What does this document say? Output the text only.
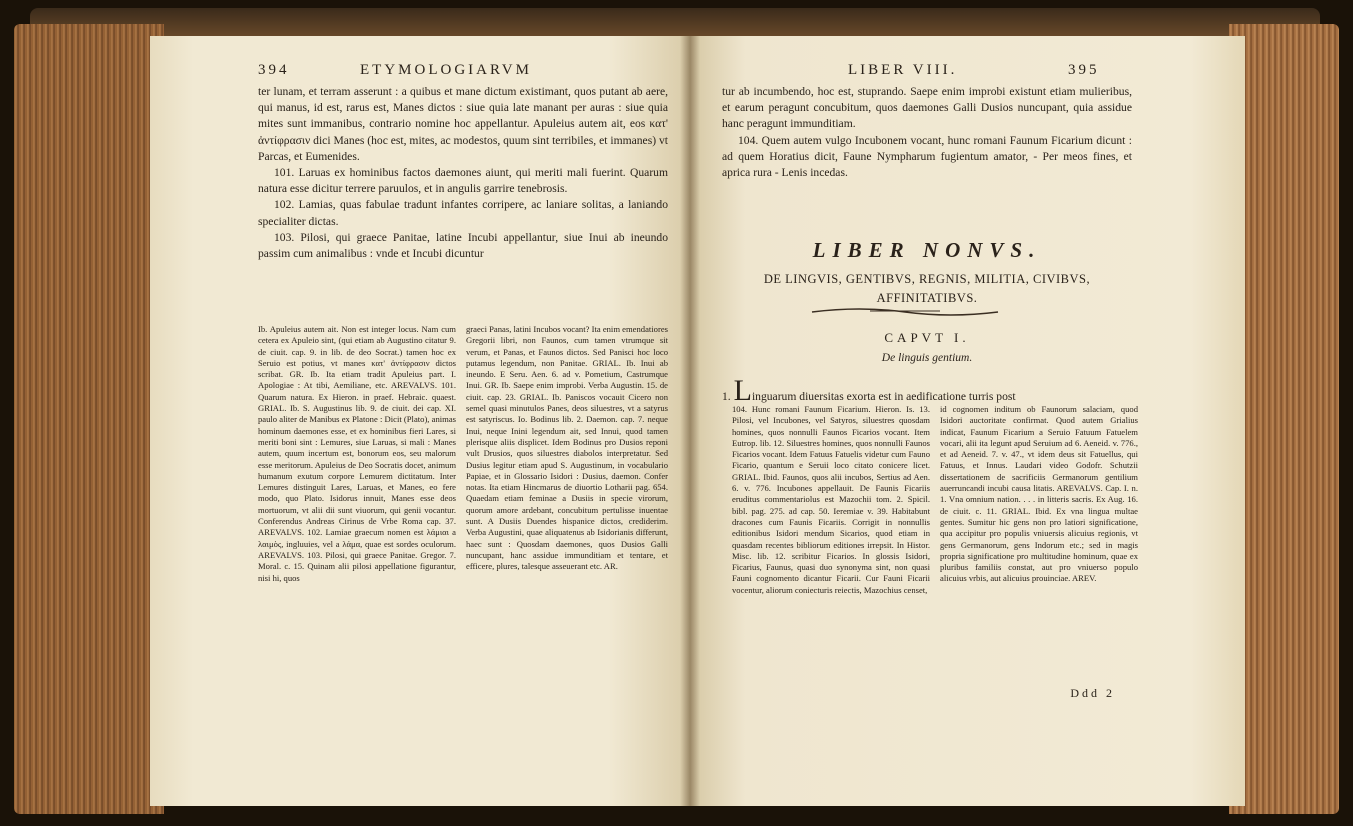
394	ETYMOLOGIARVM

ter lunam, et terram asserunt : a quibus et mane dictum existimant, quos putant ab aere, qui manus, id est, rarus est, Manes dictos : siue quia late manant per auras : siue quia mites sunt immanibus, contrario nomine hoc appellantur. Apuleius autem ait, eos κατ' ἀντίφρασιν dici Manes (hoc est, mites, ac modestos, quum sint terribiles, et immanes) vt Parcas, et Eumenides.

101. Laruas ex hominibus factos daemones aiunt, qui meriti mali fuerint. Quarum natura esse dicitur terrere paruulos, et in angulis garrire tenebrosis.

102. Lamias, quas fabulae tradunt infantes corripere, ac laniare solitas, a laniando specialiter dictas.

103. Pilosi, qui graece Panitae, latine Incubi appellantur, siue Inui ab ineundo passim cum animalibus : vnde et Incubi dicuntur

Ib. Apuleius autem ait. Non est integer locus. Nam cum cetera ex Apuleio sint, (qui etiam ab Augustino citatur 9. de ciuit. cap. 9. in lib. de deo Socrat.) tamen hoc ex Seruio est potius, vt manes κατ' ἀντίφρασιν dictos scribat. GR. Ib. Ita etiam tradit Apuleius part. I. Apologiae : At tibi, Aemiliane, etc. AREVALVS. 101. Quarum natura. Ex Hieron. in praef. Hebraic. quaest. GRIAL. Ib. S. Augustinus lib. 9. de ciuit. dei cap. XI. paulo aliter de Manibus ex Platone : Dicit (Plato), animas hominum daemones esse, et ex hominibus fieri Lares, si meriti boni sint : Lemures, siue Laruas, si mali : Manes autem, quum incertum est, bonorum eos, seu malorum esse meritorum. Apuleius de Deo Socratis docet, animum humanum exutum corpore Lemurem dictitatum. Inter Lemures distinguit Lares, Laruas, et Manes, eo fere modo, quo Plato. Isidorus innuit, Manes esse deos mortuorum, vt alii dii sunt viuorum, qui genii vocantur. Conferendus Andreas Cirinus de Vrbe Roma cap. 37. AREVALVS. 102. Lamiae graecum nomen est λάμιαι a λαιμὸς, ingluuies, vel a λάμα, quae est sordes oculorum. AREVALVS. 103. Pilosi, qui graece Panitae. Gregor. 7. Moral. c. 15. Quinam alii pilosi appellatione figurantur, nisi hi, quos
graeci Panas, latini Incubos vocant? Ita enim emendatiores Gregorii libri, non Faunos, cum tamen vtrumque sit verum, et Panas, et Faunos dictos. Sed Panisci hoc loco putamus legendum, non Panitae. GRIAL. Ib. Inui ab ineundo. E Seru. Aen. 6. ad v. Pometium, Castrumque Inui. GR. Ib. Saepe enim improbi. Verba Augustin. 15. de ciuit. cap. 23. GRIAL. Ib. Paniscos vocauit Cicero non semel quasi minutulos Panes, deos siluestres, vt a satyrus est satyriscus. Io. Bodinus lib. 2. Daemon. cap. 7. neque Inui, neque Inini legendum ait, sed Innui, quod tamen plerisque aliis displicet. Idem Bodinus pro Dusios reponi vult Drusios, quos siluestres diabolos interpretatur. Sed Dusius legitur etiam apud S. Augustinum, in vocabulario Papiae, et in Glossario Isidori : Dusius, daemon. Confer notas. Ita etiam Hincmarus de diuortio Lotharii pag. 654. Quaedam etiam feminae a Dusiis in specie virorum, quorum amore ardebant, concubitum pertulisse inuentae sunt. A Dusiis Duendes hispanice dictos, crediderim. Verba Augustini, quae aliquatenus ab Isidorianis differunt, haec sunt : Quosdam daemones, quos Dusios Galli nuncupant, hanc assidue immunditiam et tentare, et efficere, plures, talesque asseuerant etc. AR.
LIBER VIII.	395

tur ab incumbendo, hoc est, stuprando. Saepe enim improbi existunt etiam mulieribus, et earum peragunt concubitum, quos daemones Galli Dusios nuncupant, quia assidue hanc peragunt immunditiam.

104. Quem autem vulgo Incubonem vocant, hunc romani Faunum Ficarium dicunt : ad quem Horatius dicit, Faune Nympharum fugientum amator, - Per meos fines, et aprica rura - Lenis incedas.

LIBER NONVS.
DE LINGVIS, GENTIBVS, REGNIS, MILITIA, CIVIBVS, AFFINITATIBVS.
CAPVT I.
De linguis gentium.
1. Linguarum diuersitas exorta est in aedificatione turris post
104. Hunc romani Faunum Ficarium. Hieron. Is. 13. Pilosi, vel Incubones, vel Satyros, siluestres quosdam homines, quos nonnulli Faunos Ficarios vocant. Item Eutrop. lib. 12. Siluestres homines, quos nonnulli Faunos Ficarios vocant. Idem Fatuus Fatuelis videtur cum Fauno Ficario, quantum e Seruii loco citato conicere licet. GRIAL. Ibid. Faunos, quos alii incubos, Sertius ad Aen. 6. v. 776. Incubones appellauit. De Faunis Ficariis eruditus commentariolus est Mazochii tom. 2. Spicil. bibl. pag. 275. ad cap. 50. Ieremiae v. 39. Habitabunt dracones cum Faunis Ficariis. Corrigit in nonnullis editionibus Isidori mendum Sicarios, quod etiam in quasdam recentes bibliorum editiones irrepsit. In Histor. Misc. lib. 12. scribitur Ficarios. In glossis Isidori, Ficarius, Faunus, quasi duo synonyma sint, non quasi Fauni cognomento dicantur Ficarii. Cur Fauni Ficarii vocentur, aliorum coniecturis reiectis, Mazochius censet,
id cognomen inditum ob Faunorum salaciam, quod Isidori auctoritate confirmat. Quod autem Grialius indicat, Faunum Ficarium a Seruio Fatuum Fatuelem vocari, alii ita legunt apud Seruium ad 6. Aeneid. v. 776., et ad Aeneid. 7. v. 47., vt idem deus sit Fatuellus, qui Fatuus, et Innus. Laudari video Godofr. Schutzii dissertationem de sacrificiis Germanorum gentilium auerruncandi incubi causa litatis. AREVALVS. Cap. I. n. 1. Vna omnium nation. . . . in litteris sacris. Ex Aug. 16. de ciuit. c. 11. GRIAL. Ibid. Ex vna lingua multae gentes. Sumitur hic gens non pro latiori significatione, qua accipitur pro populis vniuersis alicuius regionis, vt gens Germanorum, gens Indorum etc.; sed in magis propria significatione pro multitudine hominum, quae ex pluribus familiis constat, aut pro vniuerso populo alicuius vrbis, aut alicuius prouinciae. AREV.
Ddd 2
